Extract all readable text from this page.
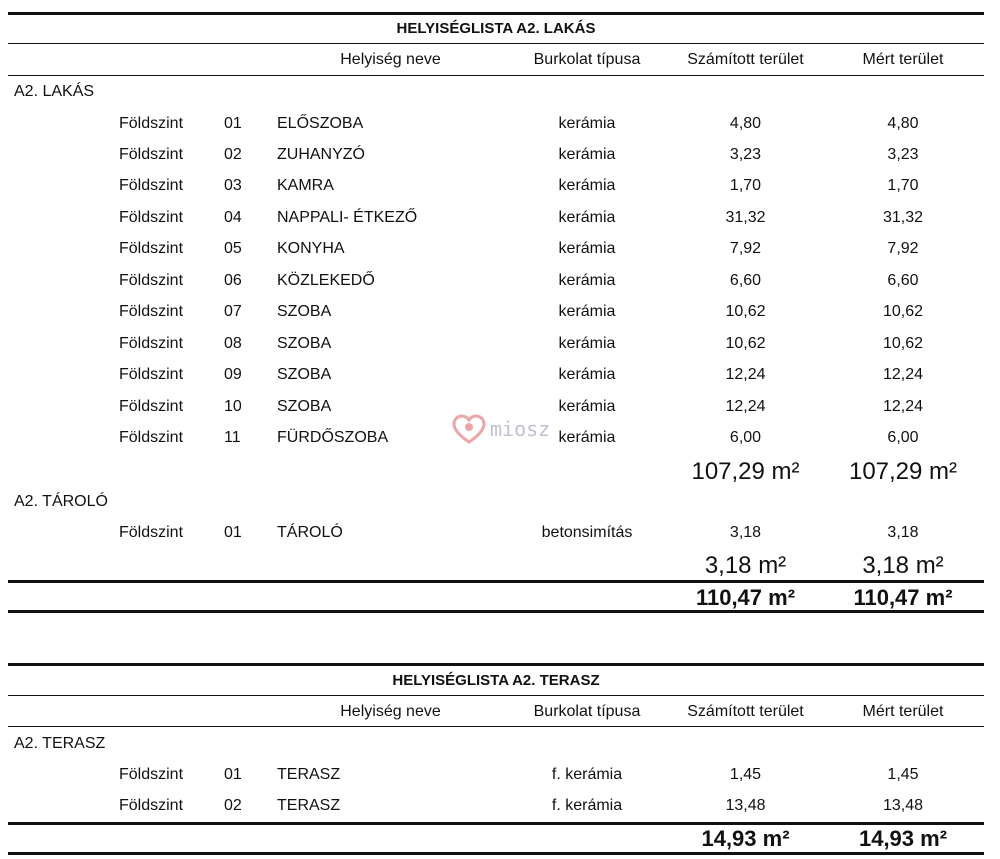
HELYISÉGLISTA A2. LAKÁS
Helyiség neve	Burkolat típusa	Számított terület	Mért terület
A2. LAKÁS
Földszint	01 ELŐSZOBA	kerámia	4,80	4,80
Földszint	02 ZUHANYZÓ	kerámia	3,23	3,23
Földszint	03 KAMRA	kerámia	1,70	1,70
Földszint	04 NAPPALI- ÉTKEZŐ	kerámia	31,32	31,32
Földszint	05 KONYHA	kerámia	7,92	7,92
Földszint	06 KÖZLEKEDŐ	kerámia	6,60	6,60
Földszint	07 SZOBA	kerámia	10,62	10,62
Földszint	08 SZOBA	kerámia	10,62	10,62
Földszint	09 SZOBA	kerámia	12,24	12,24
Földszint	10 SZOBA	kerámia	12,24	12,24
Földszint	11 FÜRDŐSZOBA	kerámia	6,00	6,00
107,29 m²	107,29 m²
A2. TÁROLÓ
Földszint	01 TÁROLÓ	betonsimítás	3,18	3,18
3,18 m²	3,18 m²
110,47 m²	110,47 m²
HELYISÉGLISTA A2. TERASZ
Helyiség neve	Burkolat típusa	Számított terület	Mért terület
A2. TERASZ
Földszint	01 TERASZ	f. kerámia	1,45	1,45
Földszint	02 TERASZ	f. kerámia	13,48	13,48
14,93 m²	14,93 m²
miosz
